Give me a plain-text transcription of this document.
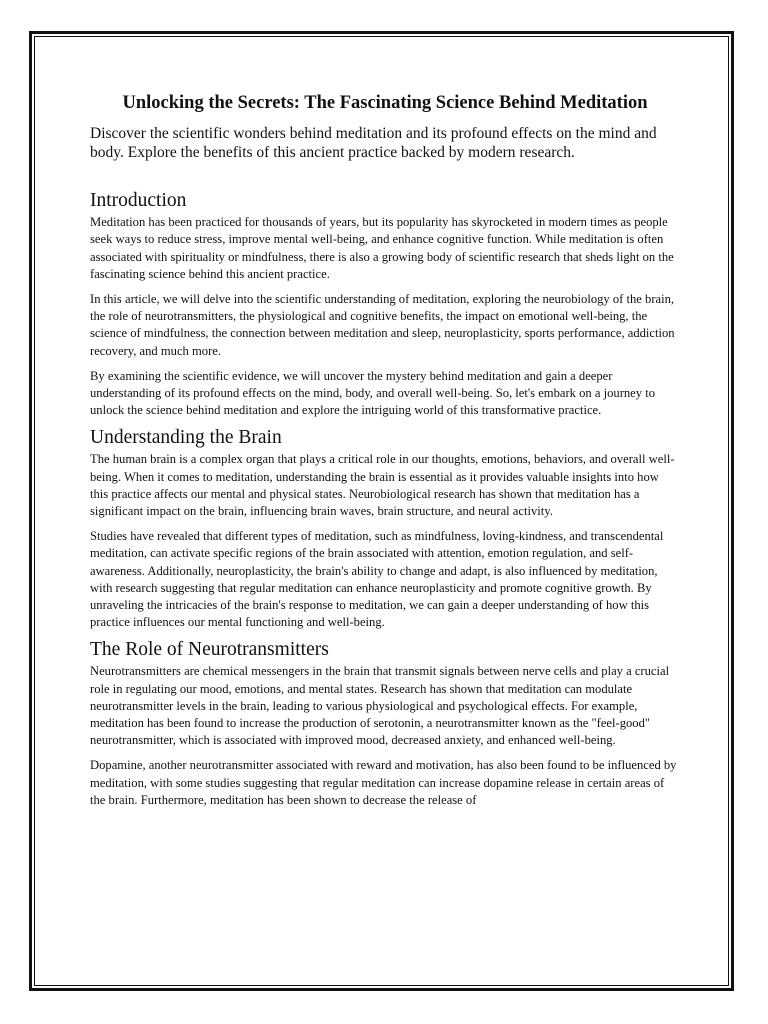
Unlocking the Secrets: The Fascinating Science Behind Meditation

Discover the scientific wonders behind meditation and its profound effects on the mind and body. Explore the benefits of this ancient practice backed by modern research.

Introduction

Meditation has been practiced for thousands of years, but its popularity has skyrocketed in modern times as people seek ways to reduce stress, improve mental well-being, and enhance cognitive function. While meditation is often associated with spirituality or mindfulness, there is also a growing body of scientific research that sheds light on the fascinating science behind this ancient practice.

In this article, we will delve into the scientific understanding of meditation, exploring the neurobiology of the brain, the role of neurotransmitters, the physiological and cognitive benefits, the impact on emotional well-being, the science of mindfulness, the connection between meditation and sleep, neuroplasticity, sports performance, addiction recovery, and much more.

By examining the scientific evidence, we will uncover the mystery behind meditation and gain a deeper understanding of its profound effects on the mind, body, and overall well-being. So, let's embark on a journey to unlock the science behind meditation and explore the intriguing world of this transformative practice.

Understanding the Brain

The human brain is a complex organ that plays a critical role in our thoughts, emotions, behaviors, and overall well-being. When it comes to meditation, understanding the brain is essential as it provides valuable insights into how this practice affects our mental and physical states. Neurobiological research has shown that meditation has a significant impact on the brain, influencing brain waves, brain structure, and neural activity.

Studies have revealed that different types of meditation, such as mindfulness, loving-kindness, and transcendental meditation, can activate specific regions of the brain associated with attention, emotion regulation, and self-awareness. Additionally, neuroplasticity, the brain's ability to change and adapt, is also influenced by meditation, with research suggesting that regular meditation can enhance neuroplasticity and promote cognitive growth. By unraveling the intricacies of the brain's response to meditation, we can gain a deeper understanding of how this practice influences our mental functioning and well-being.

The Role of Neurotransmitters

Neurotransmitters are chemical messengers in the brain that transmit signals between nerve cells and play a crucial role in regulating our mood, emotions, and mental states. Research has shown that meditation can modulate neurotransmitter levels in the brain, leading to various physiological and psychological effects. For example, meditation has been found to increase the production of serotonin, a neurotransmitter known as the "feel-good" neurotransmitter, which is associated with improved mood, decreased anxiety, and enhanced well-being.

Dopamine, another neurotransmitter associated with reward and motivation, has also been found to be influenced by meditation, with some studies suggesting that regular meditation can increase dopamine release in certain areas of the brain. Furthermore, meditation has been shown to decrease the release of
